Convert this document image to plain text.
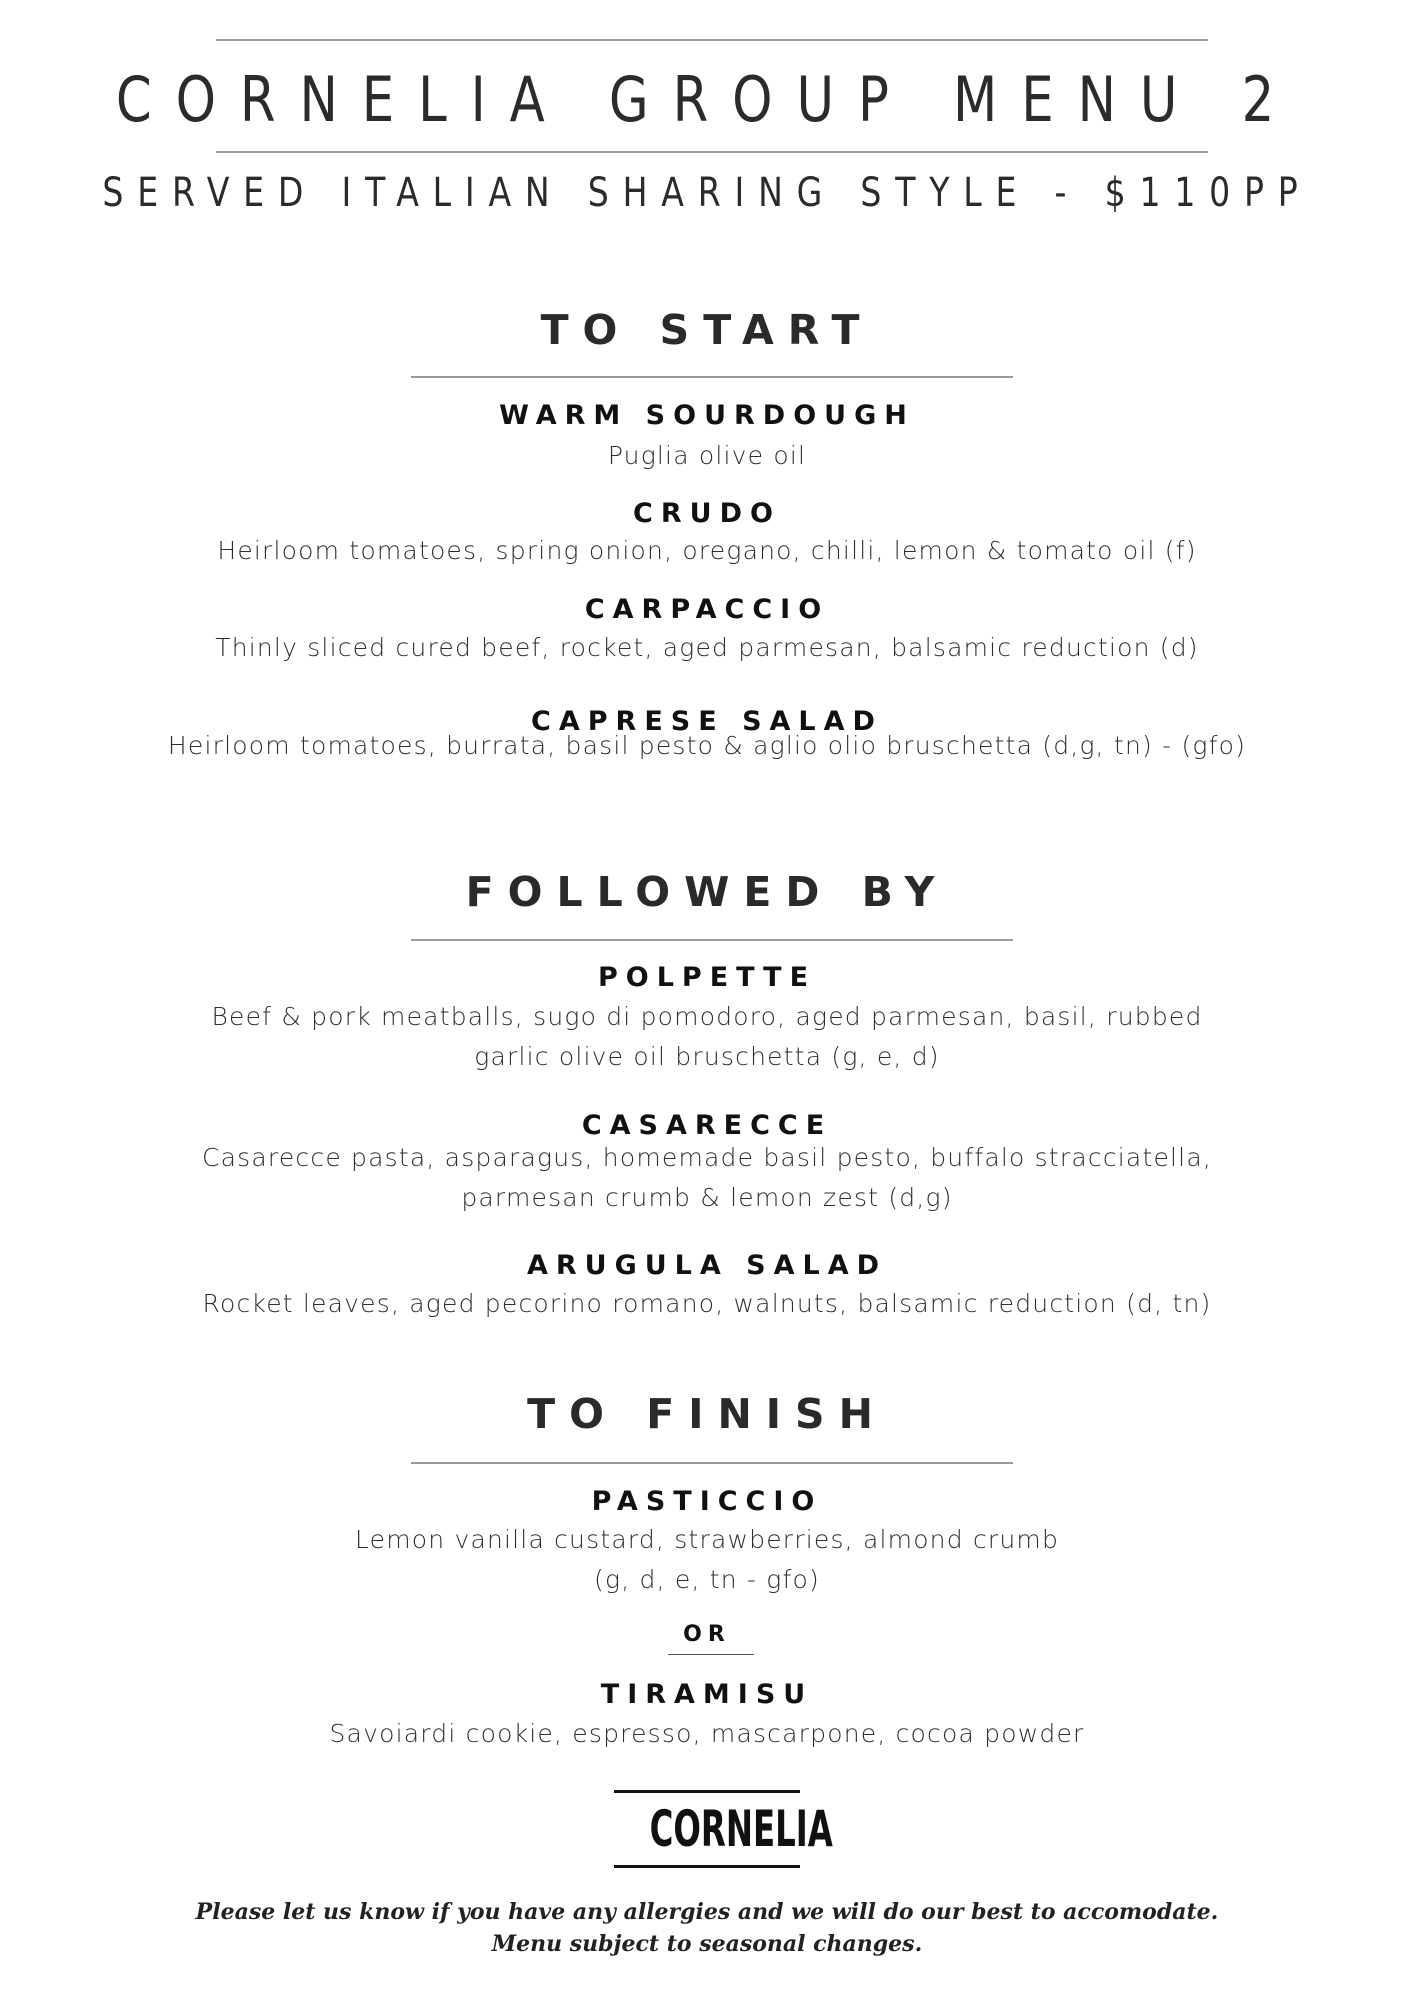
CORNELIA GROUP MENU 2
SERVED ITALIAN SHARING STYLE - $110PP
TO START
WARM SOURDOUGH
Puglia olive oil
CRUDO
Heirloom tomatoes, spring onion, oregano, chilli, lemon & tomato oil (f)
CARPACCIO
Thinly sliced cured beef, rocket, aged parmesan, balsamic reduction (d)
CAPRESE SALAD
Heirloom tomatoes, burrata, basil pesto & aglio olio bruschetta (d,g, tn) - (gfo)
FOLLOWED BY
POLPETTE
Beef & pork meatballs, sugo di pomodoro, aged parmesan, basil, rubbed
garlic olive oil bruschetta (g, e, d)
CASARECCE
Casarecce pasta, asparagus, homemade basil pesto, buffalo stracciatella,
parmesan crumb & lemon zest (d,g)
ARUGULA SALAD
Rocket leaves, aged pecorino romano, walnuts, balsamic reduction (d, tn)
TO FINISH
PASTICCIO
Lemon vanilla custard, strawberries, almond crumb
(g, d, e, tn - gfo)
OR
TIRAMISU
Savoiardi cookie, espresso, mascarpone, cocoa powder
CORNELIA
Please let us know if you have any allergies and we will do our best to accomodate.
Menu subject to seasonal changes.
